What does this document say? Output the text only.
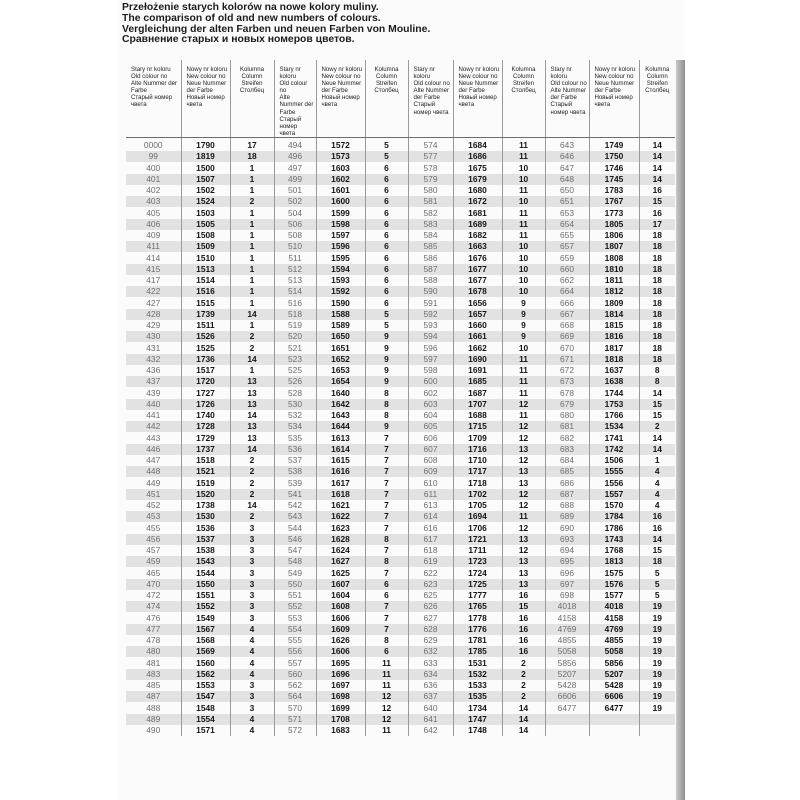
Przełożenie starych kolorów na nowe kolory muliny.
The comparison of old and new numbers of colours.
Vergleichung der alten Farben und neuen Farben von Mouline.
Сравнение старых и новых номеров цветов.
Stary nr koloru
Old colour no
Alte Nummer der Farbe
Старый номер чвета	Nowy nr koloru
New colour no
Neue Nummer der Farbe
Новый номер чвета	Kolumna
Column
Streifen
Столбец	Stary nr koloru
Old colour no
Alte Nummer der Farbe
Старый номер чвета	Nowy nr koloru
New colour no
Neue Nummer der Farbe
Новый номер чвета	Kolumna
Column
Streifen
Столбец	Stary nr koloru
Old colour no
Alte Nummer der Farbe
Старый номер чвета	Nowy nr koloru
New colour no
Neue Nummer der Farbe
Новый номер чвета	Kolumna
Column
Streifen
Столбец	Stary nr koloru
Old colour no
Alte Nummer der Farbe
Старый номер чвета	Nowy nr koloru
New colour no
Neue Nummer der Farbe
Новый номер чвета	Kolumna
Column
Streifen
Столбец
0000	1790	17	494	1572	5	574	1684	11	643	1749	14
99	1819	18	496	1573	5	577	1686	11	646	1750	14
400	1500	1	497	1603	6	578	1675	10	647	1746	14
401	1507	1	499	1602	6	579	1679	10	648	1745	14
402	1502	1	501	1601	6	580	1680	11	650	1783	16
403	1524	2	502	1600	6	581	1672	10	651	1767	15
405	1503	1	504	1599	6	582	1681	11	653	1773	16
406	1505	1	506	1598	6	583	1689	11	654	1805	17
409	1508	1	508	1597	6	584	1682	11	655	1806	18
411	1509	1	510	1596	6	585	1663	10	657	1807	18
414	1510	1	511	1595	6	586	1676	10	659	1808	18
415	1513	1	512	1594	6	587	1677	10	660	1810	18
417	1514	1	513	1593	6	588	1677	10	662	1811	18
422	1516	1	514	1592	6	590	1678	10	664	1812	18
427	1515	1	516	1590	6	591	1656	9	666	1809	18
428	1739	14	518	1588	5	592	1657	9	667	1814	18
429	1511	1	519	1589	5	593	1660	9	668	1815	18
430	1526	2	520	1650	9	594	1661	9	669	1816	18
431	1525	2	521	1651	9	596	1662	10	670	1817	18
432	1736	14	523	1652	9	597	1690	11	671	1818	18
436	1517	1	525	1653	9	598	1691	11	672	1637	8
437	1720	13	526	1654	9	600	1685	11	673	1638	8
439	1727	13	528	1640	8	602	1687	11	678	1744	14
440	1726	13	530	1642	8	603	1707	12	679	1753	15
441	1740	14	532	1643	8	604	1688	11	680	1766	15
442	1728	13	534	1644	9	605	1715	12	681	1534	2
443	1729	13	535	1613	7	606	1709	12	682	1741	14
446	1737	14	536	1614	7	607	1716	13	683	1742	14
447	1518	2	537	1615	7	608	1710	12	684	1506	1
448	1521	2	538	1616	7	609	1717	13	685	1555	4
449	1519	2	539	1617	7	610	1718	13	686	1556	4
451	1520	2	541	1618	7	611	1702	12	687	1557	4
452	1738	14	542	1621	7	613	1705	12	688	1570	4
453	1530	2	543	1622	7	614	1694	11	689	1784	16
455	1536	3	544	1623	7	616	1706	12	690	1786	16
456	1537	3	546	1628	8	617	1721	13	693	1743	14
457	1538	3	547	1624	7	618	1711	12	694	1768	15
459	1543	3	548	1627	8	619	1723	13	695	1813	18
465	1544	3	549	1625	7	622	1724	13	696	1575	5
470	1550	3	550	1607	6	623	1725	13	697	1576	5
472	1551	3	551	1604	6	625	1777	16	698	1577	5
474	1552	3	552	1608	7	626	1765	15	4018	4018	19
476	1549	3	553	1606	7	627	1778	16	4158	4158	19
477	1567	4	554	1609	7	628	1776	16	4769	4769	19
478	1568	4	555	1626	8	629	1781	16	4855	4855	19
480	1569	4	556	1606	6	632	1785	16	5058	5058	19
481	1560	4	557	1695	11	633	1531	2	5856	5856	19
483	1562	4	560	1696	11	634	1532	2	5207	5207	19
485	1553	3	562	1697	11	636	1533	2	5428	5428	19
487	1547	3	564	1698	12	637	1535	2	6606	6606	19
488	1548	3	570	1699	12	640	1734	14	6477	6477	19
489	1554	4	571	1708	12	641	1747	14			
490	1571	4	572	1683	11	642	1748	14			
